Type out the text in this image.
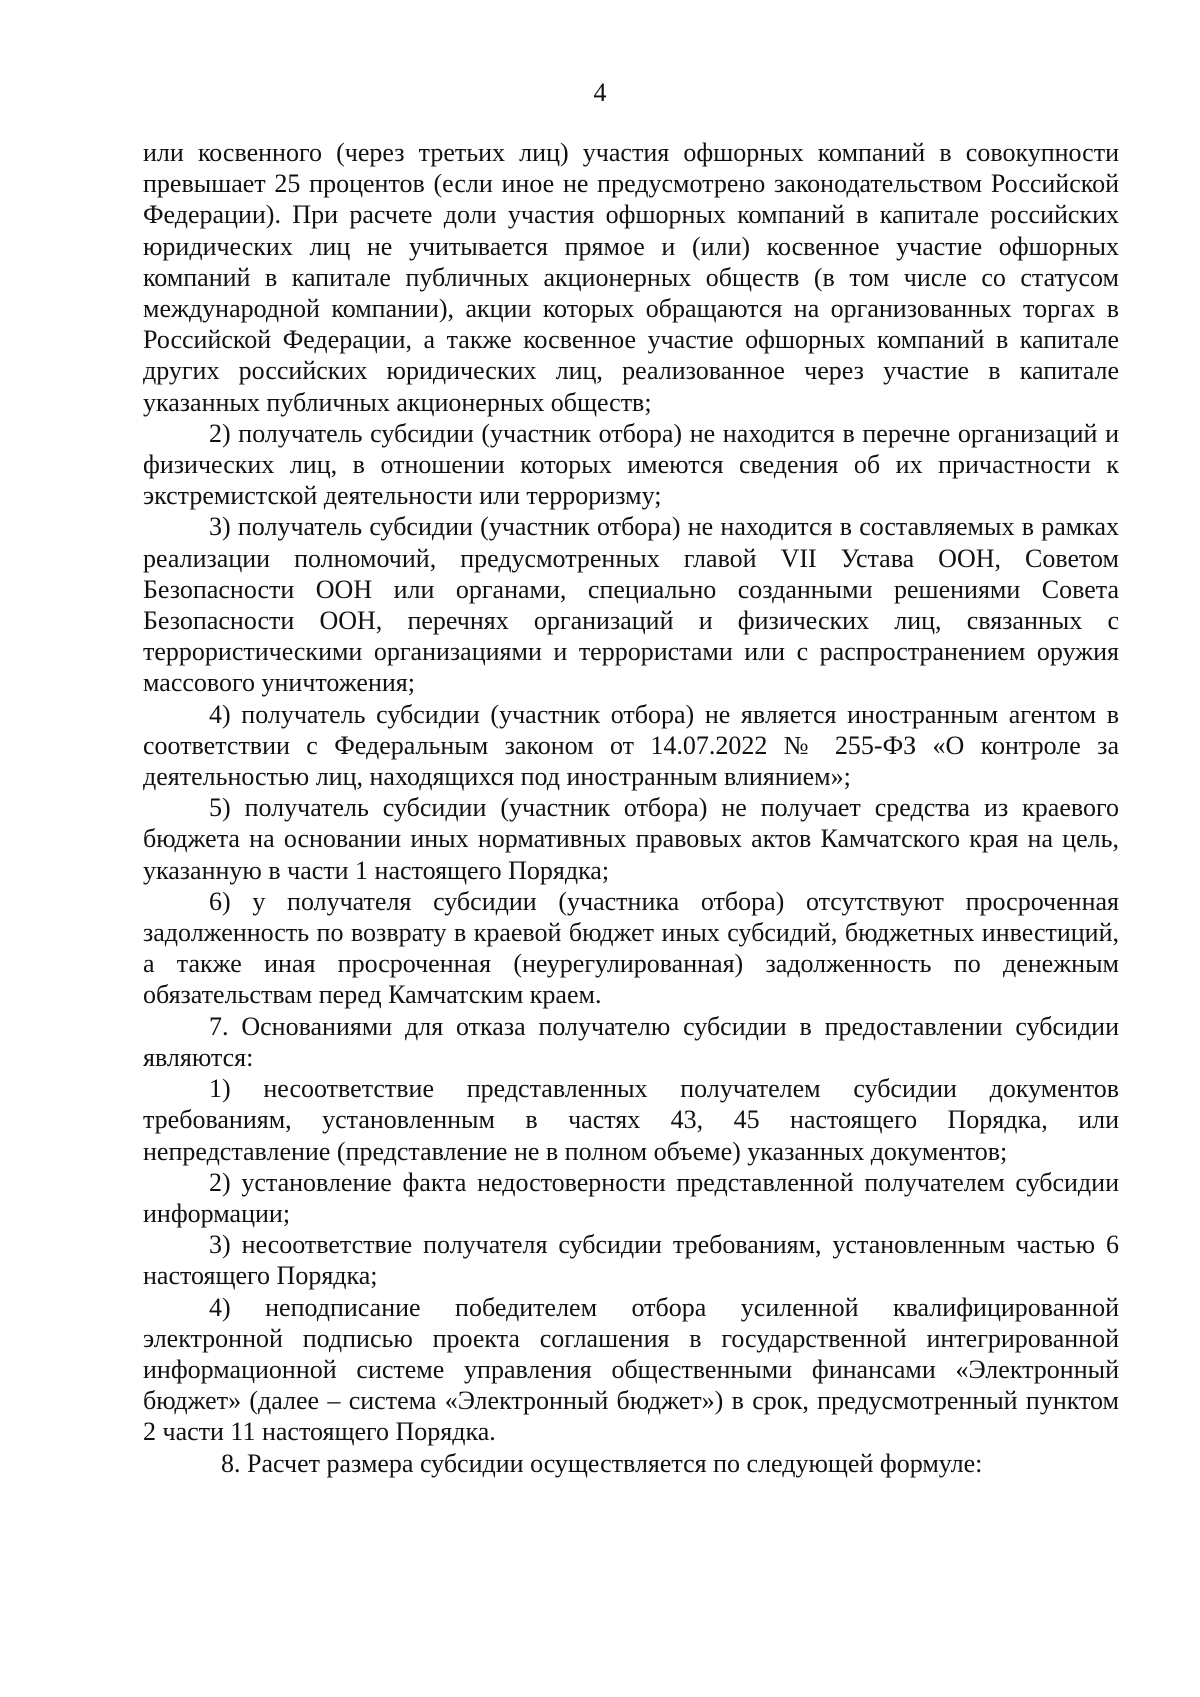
4

или косвенного (через третьих лиц) участия офшорных компаний в совокупности превышает 25 процентов (если иное не предусмотрено законодательством Российской Федерации). При расчете доли участия офшорных компаний в капитале российских юридических лиц не учитывается прямое и (или) косвенное участие офшорных компаний в капитале публичных акционерных обществ (в том числе со статусом международной компании), акции которых обращаются на организованных торгах в Российской Федерации, а также косвенное участие офшорных компаний в капитале других российских юридических лиц, реализованное через участие в капитале указанных публичных акционерных обществ;

2) получатель субсидии (участник отбора) не находится в перечне организаций и физических лиц, в отношении которых имеются сведения об их причастности к экстремистской деятельности или терроризму;

3) получатель субсидии (участник отбора) не находится в составляемых в рамках реализации полномочий, предусмотренных главой VII Устава ООН, Советом Безопасности ООН или органами, специально созданными решениями Совета Безопасности ООН, перечнях организаций и физических лиц, связанных с террористическими организациями и террористами или с распространением оружия массового уничтожения;

4) получатель субсидии (участник отбора) не является иностранным агентом в соответствии с Федеральным законом от 14.07.2022 № 255-ФЗ «О контроле за деятельностью лиц, находящихся под иностранным влиянием»;

5) получатель субсидии (участник отбора) не получает средства из краевого бюджета на основании иных нормативных правовых актов Камчатского края на цель, указанную в части 1 настоящего Порядка;

6) у получателя субсидии (участника отбора) отсутствуют просроченная задолженность по возврату в краевой бюджет иных субсидий, бюджетных инвестиций, а также иная просроченная (неурегулированная) задолженность по денежным обязательствам перед Камчатским краем.

7. Основаниями для отказа получателю субсидии в предоставлении субсидии являются:

1) несоответствие представленных получателем субсидии документов требованиям, установленным в частях 43, 45 настоящего Порядка, или непредставление (представление не в полном объеме) указанных документов;

2) установление факта недостоверности представленной получателем субсидии информации;

3) несоответствие получателя субсидии требованиям, установленным частью 6 настоящего Порядка;

4) неподписание победителем отбора усиленной квалифицированной электронной подписью проекта соглашения в государственной интегрированной информационной системе управления общественными финансами «Электронный бюджет» (далее – система «Электронный бюджет») в срок, предусмотренный пунктом 2 части 11 настоящего Порядка.

8. Расчет размера субсидии осуществляется по следующей формуле:
